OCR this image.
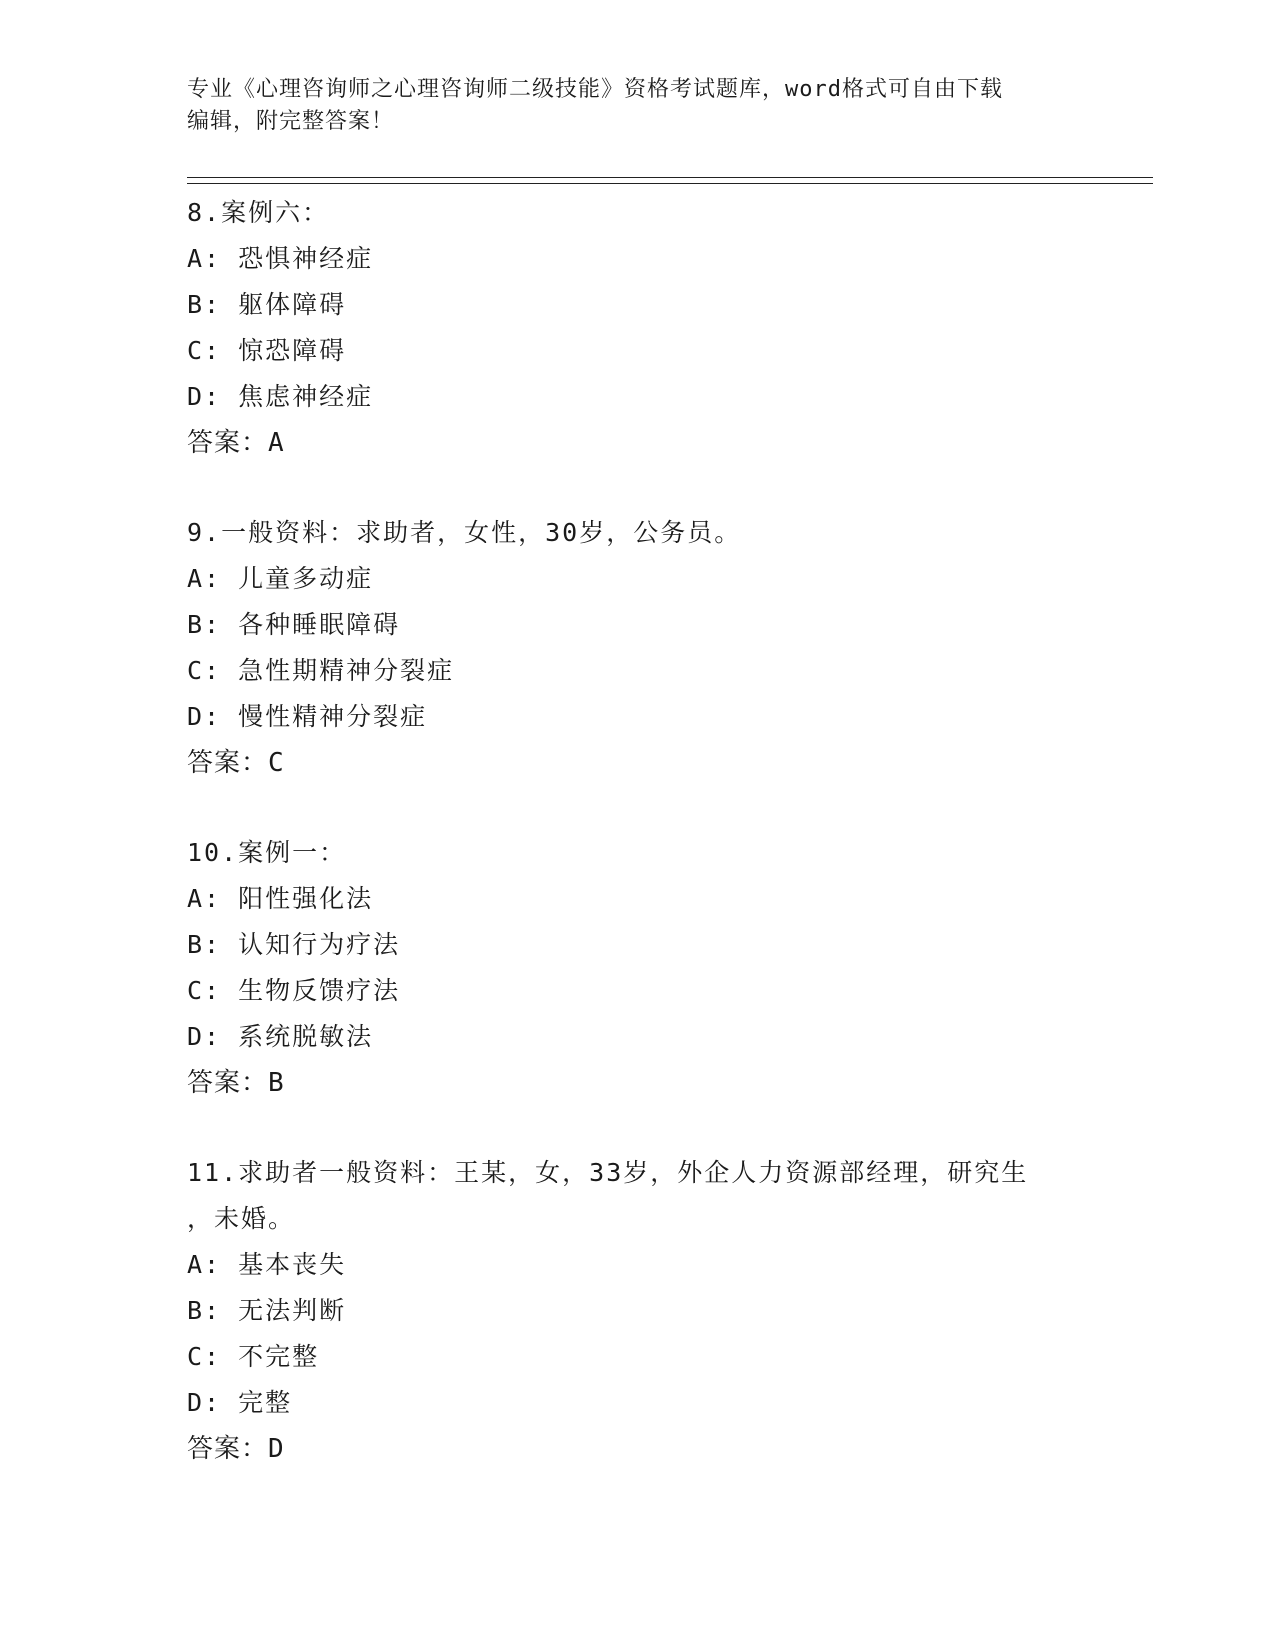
专业《心理咨询师之心理咨询师二级技能》资格考试题库，word格式可自由下载
编辑，附完整答案！
8.案例六：
A: 恐惧神经症
B: 躯体障碍
C: 惊恐障碍
D: 焦虑神经症
答案：A
9.一般资料：求助者，女性，30岁，公务员。
A: 儿童多动症
B: 各种睡眠障碍
C: 急性期精神分裂症
D: 慢性精神分裂症
答案：C
10.案例一：
A: 阳性强化法
B: 认知行为疗法
C: 生物反馈疗法
D: 系统脱敏法
答案：B
11.求助者一般资料：王某，女，33岁，外企人力资源部经理，研究生
，未婚。
A: 基本丧失
B: 无法判断
C: 不完整
D: 完整
答案：D
